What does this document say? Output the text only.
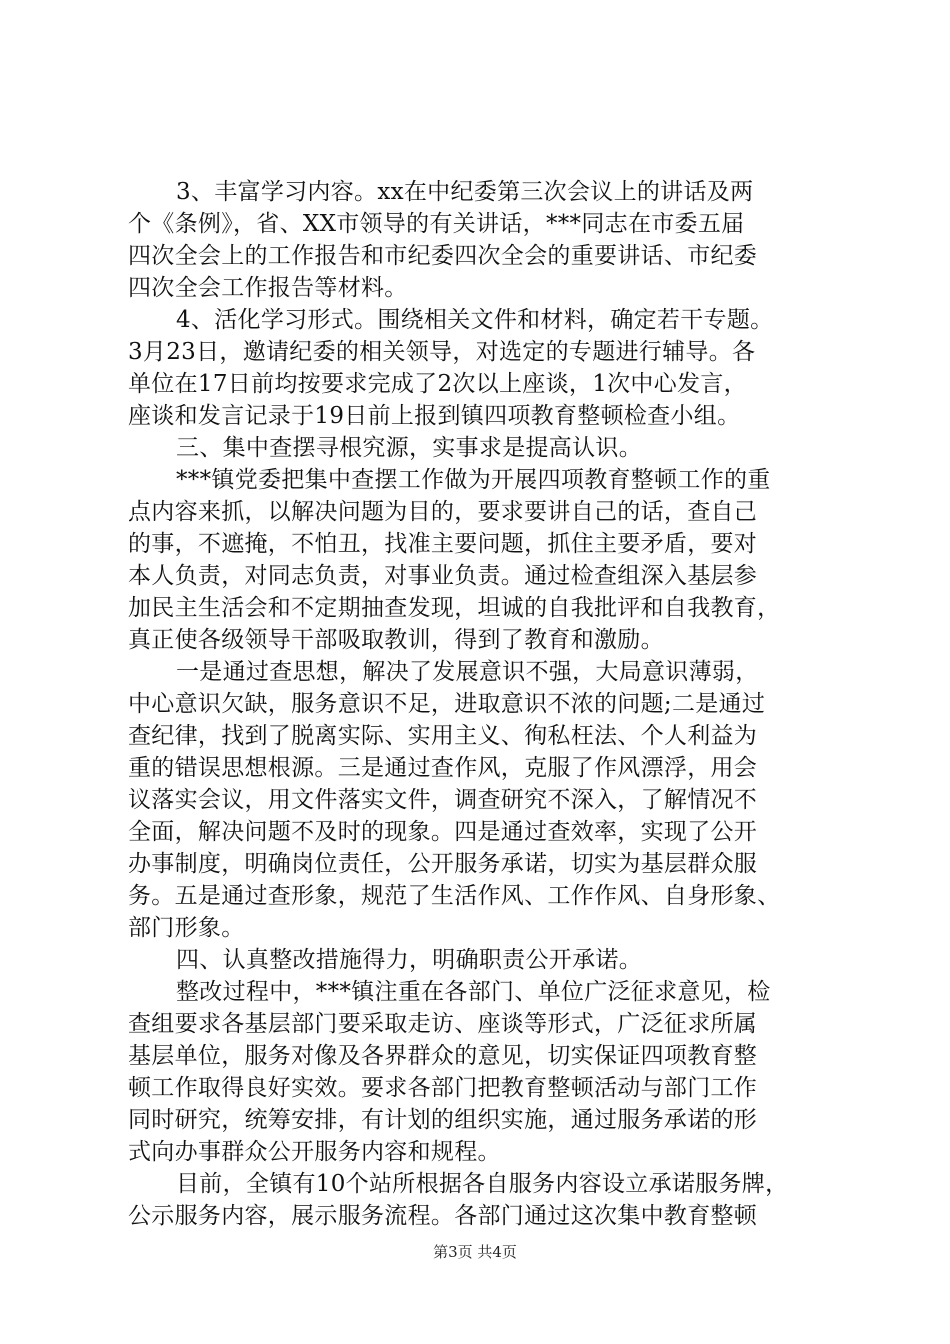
3、丰富学习内容。xx在中纪委第三次会议上的讲话及两
个《条例》，省、XX市领导的有关讲话，***同志在市委五届
四次全会上的工作报告和市纪委四次全会的重要讲话、市纪委
四次全会工作报告等材料。
4、活化学习形式。围绕相关文件和材料，确定若干专题。
3月23日，邀请纪委的相关领导，对选定的专题进行辅导。各
单位在17日前均按要求完成了2次以上座谈，1次中心发言，
座谈和发言记录于19日前上报到镇四项教育整顿检查小组。
三、集中查摆寻根究源，实事求是提高认识。
***镇党委把集中查摆工作做为开展四项教育整顿工作的重
点内容来抓，以解决问题为目的，要求要讲自己的话，查自己
的事，不遮掩，不怕丑，找准主要问题，抓住主要矛盾，要对
本人负责，对同志负责，对事业负责。通过检查组深入基层参
加民主生活会和不定期抽查发现，坦诚的自我批评和自我教育，
真正使各级领导干部吸取教训，得到了教育和激励。
一是通过查思想，解决了发展意识不强，大局意识薄弱，
中心意识欠缺，服务意识不足，进取意识不浓的问题;二是通过
查纪律，找到了脱离实际、实用主义、徇私枉法、个人利益为
重的错误思想根源。三是通过查作风，克服了作风漂浮，用会
议落实会议，用文件落实文件，调查研究不深入，了解情况不
全面，解决问题不及时的现象。四是通过查效率，实现了公开
办事制度，明确岗位责任，公开服务承诺，切实为基层群众服
务。五是通过查形象，规范了生活作风、工作作风、自身形象、
部门形象。
四、认真整改措施得力，明确职责公开承诺。
整改过程中，***镇注重在各部门、单位广泛征求意见，检
查组要求各基层部门要采取走访、座谈等形式，广泛征求所属
基层单位，服务对像及各界群众的意见，切实保证四项教育整
顿工作取得良好实效。要求各部门把教育整顿活动与部门工作
同时研究，统筹安排，有计划的组织实施，通过服务承诺的形
式向办事群众公开服务内容和规程。
目前，全镇有10个站所根据各自服务内容设立承诺服务牌，
公示服务内容，展示服务流程。各部门通过这次集中教育整顿
第3页 共4页
